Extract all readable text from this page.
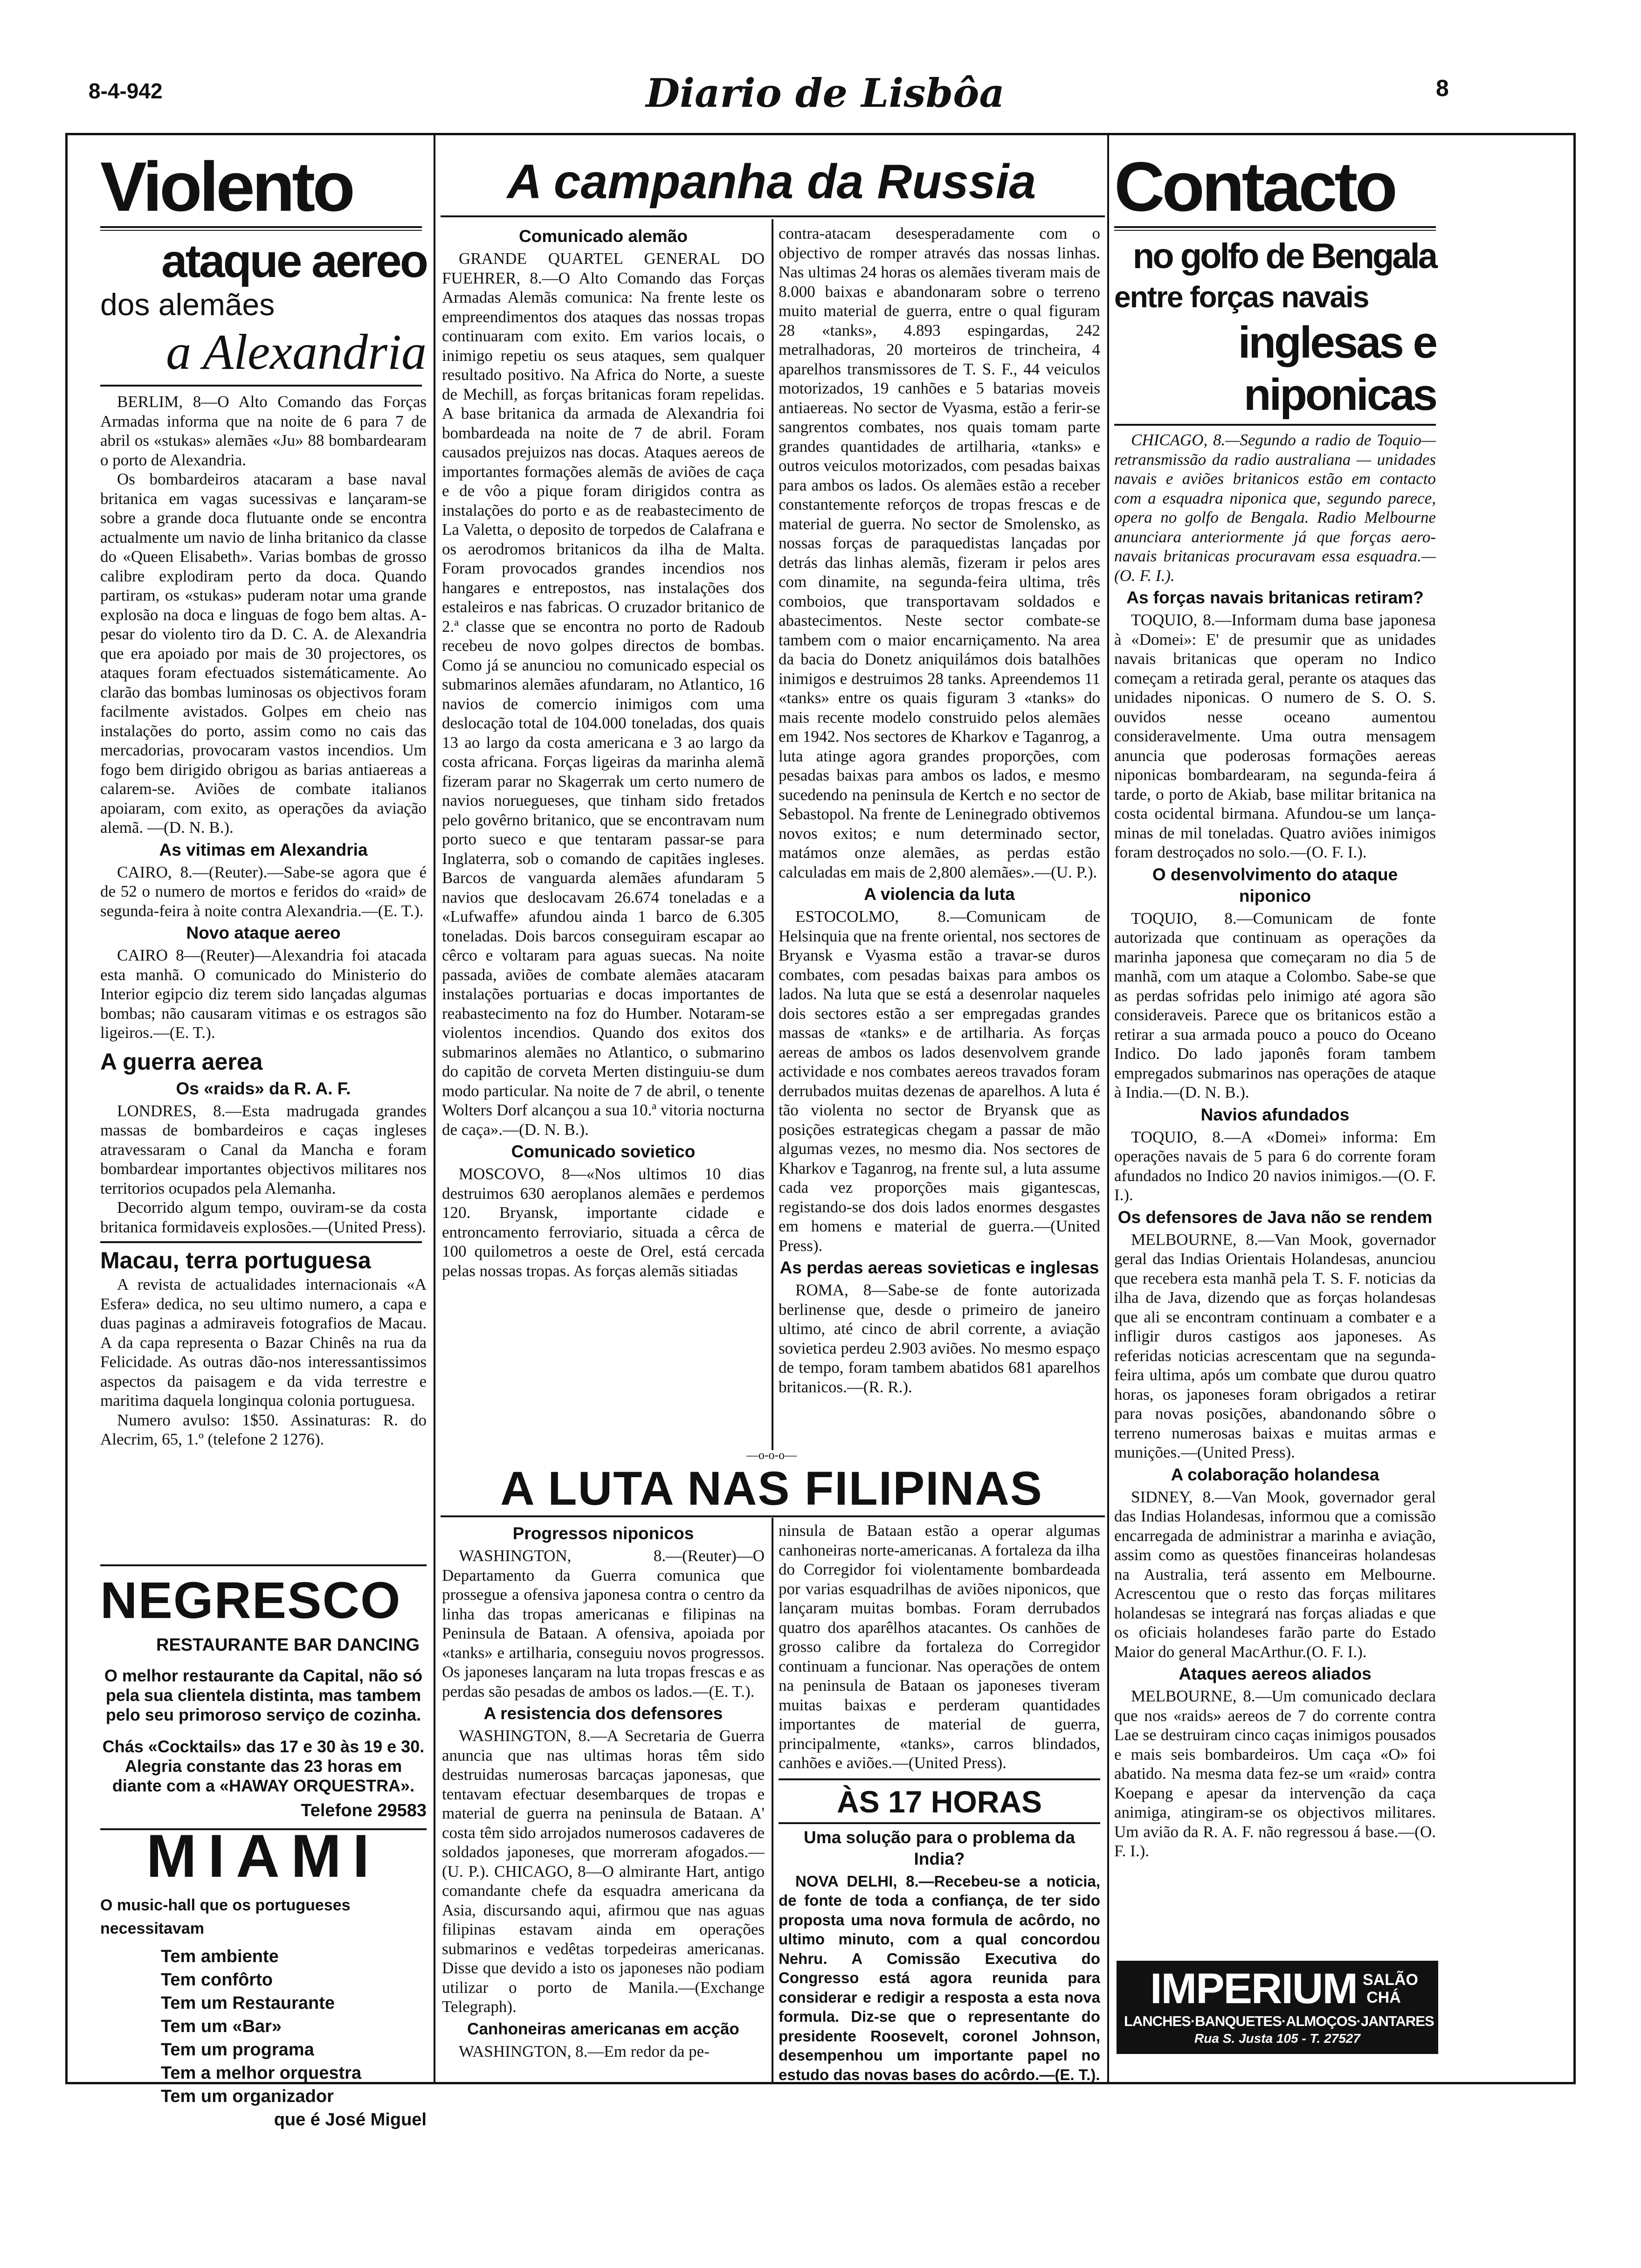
8-4-942	Diario de Lisbôa	8
Violento
ataque aereo
dos alemães
a Alexandria

BERLIM, 8—O Alto Comando das Forças Armadas informa que na noite de 6 para 7 de abril os «stukas» alemães «Ju» 88 bombardearam o porto de Alexandria.

Os bombardeiros atacaram a base naval britanica em vagas sucessivas e lançaram-se sobre a grande doca flutuante onde se encontra actualmente um navio de linha britanico da classe do «Queen Elisabeth». Varias bombas de grosso calibre explodiram perto da doca. Quando partiram, os «stukas» puderam notar uma grande explosão na doca e linguas de fogo bem altas. A-pesar do violento tiro da D. C. A. de Alexandria que era apoiado por mais de 30 projectores, os ataques foram efectuados sistemáticamente. Ao clarão das bombas luminosas os objectivos foram facilmente avistados. Golpes em cheio nas instalações do porto, assim como no cais das mercadorias, provocaram vastos incendios. Um fogo bem dirigido obrigou as barias antiaereas a calarem-se. Aviões de combate italianos apoiaram, com exito, as operações da aviação alemã. —(D. N. B.).

As vitimas em Alexandria

CAIRO, 8.—(Reuter).—Sabe-se agora que é de 52 o numero de mortos e feridos do «raid» de segunda-feira à noite contra Alexandria.—(E. T.).

Novo ataque aereo

CAIRO 8—(Reuter)—Alexandria foi atacada esta manhã. O comunicado do Ministerio do Interior egipcio diz terem sido lançadas algumas bombas; não causaram vitimas e os estragos são ligeiros.—(E. T.).

A guerra aerea
Os «raids» da R. A. F.

LONDRES, 8.—Esta madrugada grandes massas de bombardeiros e caças ingleses atravessaram o Canal da Mancha e foram bombardear importantes objectivos militares nos territorios ocupados pela Alemanha.

Decorrido algum tempo, ouviram-se da costa britanica formidaveis explosões.—(United Press).

Macau, terra portuguesa

A revista de actualidades internacionais «A Esfera» dedica, no seu ultimo numero, a capa e duas paginas a admiraveis fotografios de Macau. A da capa representa o Bazar Chinês na rua da Felicidade. As outras dão-nos interessantissimos aspectos da paisagem e da vida terrestre e maritima daquela longinqua colonia portuguesa.

Numero avulso: 1$50. Assinaturas: R. do Alecrim, 65, 1.º (telefone 2 1276).

NEGRESCO
RESTAURANTE BAR DANCING
O melhor restaurante da Capital, não só pela sua clientela distinta, mas tambem pelo seu primoroso serviço de cozinha.
Chás «Cocktails» das 17 e 30 às 19 e 30. Alegria constante das 23 horas em diante com a «HAWAY ORQUESTRA».
Telefone 29583
MIAMI
O music-hall que os portugueses necessitavam
Tem ambiente
Tem confôrto
Tem um Restaurante
Tem um «Bar»
Tem um programa
Tem a melhor orquestra
Tem um organizador
que é José Miguel
A campanha da Russia
Comunicado alemão

GRANDE QUARTEL GENERAL DO FUEHRER, 8.—O Alto Comando das Forças Armadas Alemãs comunica: Na frente leste os empreendimentos dos ataques das nossas tropas continuaram com exito. Em varios locais, o inimigo repetiu os seus ataques, sem qualquer resultado positivo. Na Africa do Norte, a sueste de Mechill, as forças britanicas foram repelidas. A base britanica da armada de Alexandria foi bombardeada na noite de 7 de abril. Foram causados prejuizos nas docas. Ataques aereos de importantes formações alemãs de aviões de caça e de vôo a pique foram dirigidos contra as instalações do porto e as de reabastecimento de La Valetta, o deposito de torpedos de Calafrana e os aerodromos britanicos da ilha de Malta. Foram provocados grandes incendios nos hangares e entrepostos, nas instalações dos estaleiros e nas fabricas. O cruzador britanico de 2.ª classe que se encontra no porto de Radoub recebeu de novo golpes directos de bombas. Como já se anunciou no comunicado especial os submarinos alemães afundaram, no Atlantico, 16 navios de comercio inimigos com uma deslocação total de 104.000 toneladas, dos quais 13 ao largo da costa americana e 3 ao largo da costa africana. Forças ligeiras da marinha alemã fizeram parar no Skagerrak um certo numero de navios noruegueses, que tinham sido fretados pelo govêrno britanico, que se encontravam num porto sueco e que tentaram passar-se para Inglaterra, sob o comando de capitães ingleses. Barcos de vanguarda alemães afundaram 5 navios que deslocavam 26.674 toneladas e a «Lufwaffe» afundou ainda 1 barco de 6.305 toneladas. Dois barcos conseguiram escapar ao cêrco e voltaram para aguas suecas. Na noite passada, aviões de combate alemães atacaram instalações portuarias e docas importantes de reabastecimento na foz do Humber. Notaram-se violentos incendios. Quando dos exitos dos submarinos alemães no Atlantico, o submarino do capitão de corveta Merten distinguiu-se dum modo particular. Na noite de 7 de abril, o tenente Wolters Dorf alcançou a sua 10.ª vitoria nocturna de caça».—(D. N. B.).

Comunicado sovietico

MOSCOVO, 8—«Nos ultimos 10 dias destruimos 630 aeroplanos alemães e perdemos 120. Bryansk, importante cidade e entroncamento ferroviario, situada a cêrca de 100 quilometros a oeste de Orel, está cercada pelas nossas tropas. As forças alemãs sitiadas

contra-atacam desesperadamente com o objectivo de romper através das nossas linhas. Nas ultimas 24 horas os alemães tiveram mais de 8.000 baixas e abandonaram sobre o terreno muito material de guerra, entre o qual figuram 28 «tanks», 4.893 espingardas, 242 metralhadoras, 20 morteiros de trincheira, 4 aparelhos transmissores de T. S. F., 44 veiculos motorizados, 19 canhões e 5 batarias moveis antiaereas. No sector de Vyasma, estão a ferir-se sangrentos combates, nos quais tomam parte grandes quantidades de artilharia, «tanks» e outros veiculos motorizados, com pesadas baixas para ambos os lados. Os alemães estão a receber constantemente reforços de tropas frescas e de material de guerra. No sector de Smolensko, as nossas forças de paraquedistas lançadas por detrás das linhas alemãs, fizeram ir pelos ares com dinamite, na segunda-feira ultima, três comboios, que transportavam soldados e abastecimentos. Neste sector combate-se tambem com o maior encarniçamento. Na area da bacia do Donetz aniquilámos dois batalhões inimigos e destruimos 28 tanks. Apreendemos 11 «tanks» entre os quais figuram 3 «tanks» do mais recente modelo construido pelos alemães em 1942. Nos sectores de Kharkov e Taganrog, a luta atinge agora grandes proporções, com pesadas baixas para ambos os lados, e mesmo sucedendo na peninsula de Kertch e no sector de Sebastopol. Na frente de Leninegrado obtivemos novos exitos; e num determinado sector, matámos onze alemães, as perdas estão calculadas em mais de 2,800 alemães».—(U. P.).

A violencia da luta

ESTOCOLMO, 8.—Comunicam de Helsinquia que na frente oriental, nos sectores de Bryansk e Vyasma estão a travar-se duros combates, com pesadas baixas para ambos os lados. Na luta que se está a desenrolar naqueles dois sectores estão a ser empregadas grandes massas de «tanks» e de artilharia. As forças aereas de ambos os lados desenvolvem grande actividade e nos combates aereos travados foram derrubados muitas dezenas de aparelhos. A luta é tão violenta no sector de Bryansk que as posições estrategicas chegam a passar de mão algumas vezes, no mesmo dia. Nos sectores de Kharkov e Taganrog, na frente sul, a luta assume cada vez proporções mais gigantescas, registando-se dos dois lados enormes desgastes em homens e material de guerra.—(United Press).

As perdas aereas sovieticas e inglesas

ROMA, 8—Sabe-se de fonte autorizada berlinense que, desde o primeiro de janeiro ultimo, até cinco de abril corrente, a aviação sovietica perdeu 2.903 aviões. No mesmo espaço de tempo, foram tambem abatidos 681 aparelhos britanicos.—(R. R.).

—o-o-o—
A LUTA NAS FILIPINAS
Progressos niponicos

WASHINGTON, 8.—(Reuter)—O Departamento da Guerra comunica que prossegue a ofensiva japonesa contra o centro da linha das tropas americanas e filipinas na Peninsula de Bataan. A ofensiva, apoiada por «tanks» e artilharia, conseguiu novos progressos. Os japoneses lançaram na luta tropas frescas e as perdas são pesadas de ambos os lados.—(E. T.).

A resistencia dos defensores

WASHINGTON, 8.—A Secretaria de Guerra anuncia que nas ultimas horas têm sido destruidas numerosas barcaças japonesas, que tentavam efectuar desembarques de tropas e material de guerra na peninsula de Bataan. A' costa têm sido arrojados numerosos cadaveres de soldados japoneses, que morreram afogados.—(U. P.). CHICAGO, 8—O almirante Hart, antigo comandante chefe da esquadra americana da Asia, discursando aqui, afirmou que nas aguas filipinas estavam ainda em operações submarinos e vedêtas torpedeiras americanas. Disse que devido a isto os japoneses não podiam utilizar o porto de Manila.—(Exchange Telegraph).

Canhoneiras americanas em acção

WASHINGTON, 8.—Em redor da pe-

ninsula de Bataan estão a operar algumas canhoneiras norte-americanas. A fortaleza da ilha do Corregidor foi violentamente bombardeada por varias esquadrilhas de aviões niponicos, que lançaram muitas bombas. Foram derrubados quatro dos aparêlhos atacantes. Os canhões de grosso calibre da fortaleza do Corregidor continuam a funcionar. Nas operações de ontem na peninsula de Bataan os japoneses tiveram muitas baixas e perderam quantidades importantes de material de guerra, principalmente, «tanks», carros blindados, canhões e aviões.—(United Press).

ÀS 17 HORAS
Uma solução para o problema da India?

NOVA DELHI, 8.—Recebeu-se a noticia, de fonte de toda a confiança, de ter sido proposta uma nova formula de acôrdo, no ultimo minuto, com a qual concordou Nehru. A Comissão Executiva do Congresso está agora reunida para considerar e redigir a resposta a esta nova formula. Diz-se que o representante do presidente Roosevelt, coronel Johnson, desempenhou um importante papel no estudo das novas bases do acôrdo.—(E. T.).

Contacto
no golfo de Bengala
entre forças navais
inglesas e niponicas

CHICAGO, 8.—Segundo a radio de Toquio—retransmissão da radio australiana — unidades navais e aviões britanicos estão em contacto com a esquadra niponica que, segundo parece, opera no golfo de Bengala. Radio Melbourne anunciara anteriormente já que forças aero-navais britanicas procuravam essa esquadra.—(O. F. I.).

As forças navais britanicas retiram?

TOQUIO, 8.—Informam duma base japonesa à «Domei»: E' de presumir que as unidades navais britanicas que operam no Indico começam a retirada geral, perante os ataques das unidades niponicas. O numero de S. O. S. ouvidos nesse oceano aumentou consideravelmente. Uma outra mensagem anuncia que poderosas formações aereas niponicas bombardearam, na segunda-feira á tarde, o porto de Akiab, base militar britanica na costa ocidental birmana. Afundou-se um lança-minas de mil toneladas. Quatro aviões inimigos foram destroçados no solo.—(O. F. I.).

O desenvolvimento do ataque niponico

TOQUIO, 8.—Comunicam de fonte autorizada que continuam as operações da marinha japonesa que começaram no dia 5 de manhã, com um ataque a Colombo. Sabe-se que as perdas sofridas pelo inimigo até agora são consideraveis. Parece que os britanicos estão a retirar a sua armada pouco a pouco do Oceano Indico. Do lado japonês foram tambem empregados submarinos nas operações de ataque à India.—(D. N. B.).

Navios afundados

TOQUIO, 8.—A «Domei» informa: Em operações navais de 5 para 6 do corrente foram afundados no Indico 20 navios inimigos.—(O. F. I.).

Os defensores de Java não se rendem

MELBOURNE, 8.—Van Mook, governador geral das Indias Orientais Holandesas, anunciou que recebera esta manhã pela T. S. F. noticias da ilha de Java, dizendo que as forças holandesas que ali se encontram continuam a combater e a infligir duros castigos aos japoneses. As referidas noticias acrescentam que na segunda-feira ultima, após um combate que durou quatro horas, os japoneses foram obrigados a retirar para novas posições, abandonando sôbre o terreno numerosas baixas e muitas armas e munições.—(United Press).

A colaboração holandesa

SIDNEY, 8.—Van Mook, governador geral das Indias Holandesas, informou que a comissão encarregada de administrar a marinha e aviação, assim como as questões financeiras holandesas na Australia, terá assento em Melbourne. Acrescentou que o resto das forças militares holandesas se integrará nas forças aliadas e que os oficiais holandeses farão parte do Estado Maior do general MacArthur.(O. F. I.).

Ataques aereos aliados

MELBOURNE, 8.—Um comunicado declara que nos «raids» aereos de 7 do corrente contra Lae se destruiram cinco caças inimigos pousados e mais seis bombardeiros. Um caça «O» foi abatido. Na mesma data fez-se um «raid» contra Koepang e apesar da intervenção da caça animiga, atingiram-se os objectivos militares. Um avião da R. A. F. não regressou á base.—(O. F. I.).

IMPERIUM SALÃO CHÁ
LANCHES·BANQUETES·ALMOÇOS·JANTARES
Rua S. Justa 105 - T. 27527
